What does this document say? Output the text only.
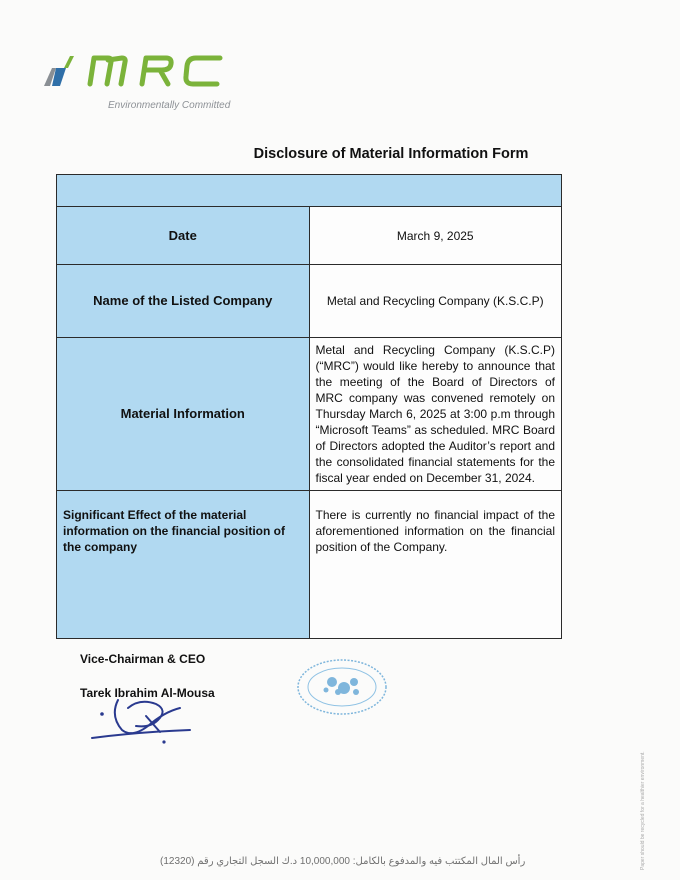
Environmentally Committed
Disclosure of Material Information Form

Date	March 9, 2025
Name of the Listed Company	Metal and Recycling Company (K.S.C.P)
Material Information	Metal and Recycling Company (K.S.C.P) (“MRC”) would like hereby to announce that the meeting of the Board of Directors of MRC company was convened remotely on Thursday March 6, 2025 at 3:00 p.m through “Microsoft Teams” as scheduled. MRC Board of Directors adopted the Auditor’s report and the consolidated financial statements for the fiscal year ended on December 31, 2024.
Significant Effect of the material information on the financial position of the company	There is currently no financial impact of the aforementioned information on the financial position of the Company.
Vice-Chairman & CEO
Tarek Ibrahim Al-Mousa
رأس المال المكتتب فيه والمدفوع بالكامل: 10,000,000 د.ك السجل التجاري رقم (12320)	Paper should be recycled for a healthier environment.
